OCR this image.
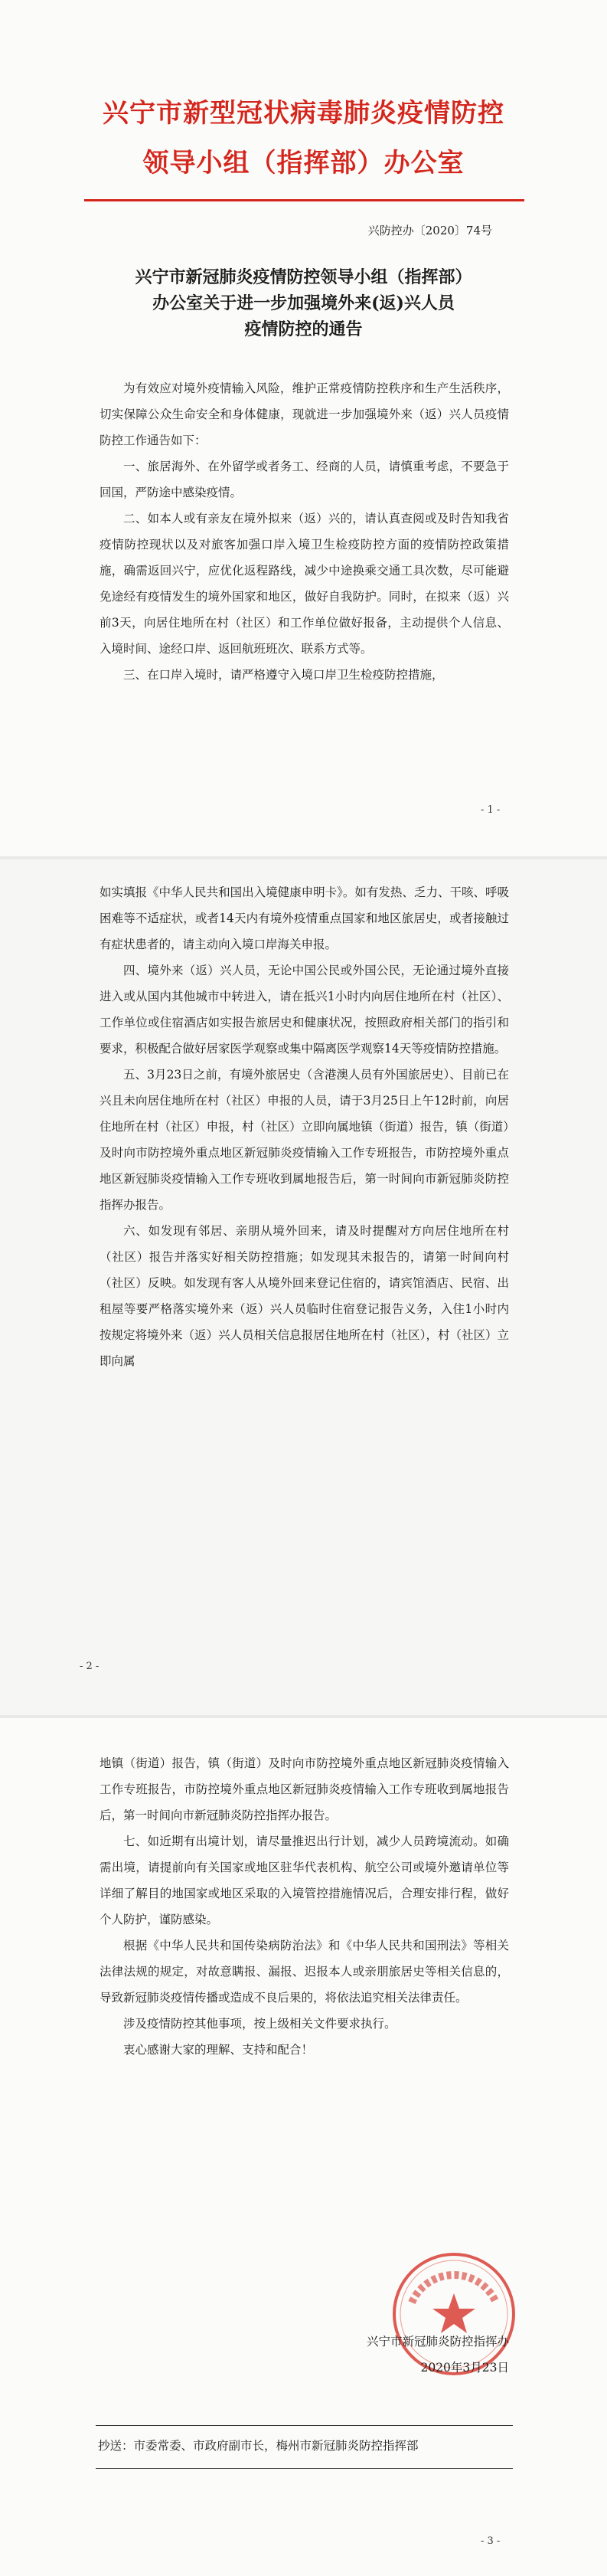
兴宁市新型冠状病毒肺炎疫情防控
领导小组（指挥部）办公室
兴防控办〔2020〕74号
兴宁市新冠肺炎疫情防控领导小组（指挥部）
办公室关于进一步加强境外来(返)兴人员
疫情防控的通告

为有效应对境外疫情输入风险，维护正常疫情防控秩序和生产生活秩序，切实保障公众生命安全和身体健康，现就进一步加强境外来（返）兴人员疫情防控工作通告如下：

一、旅居海外、在外留学或者务工、经商的人员，请慎重考虑，不要急于回国，严防途中感染疫情。

二、如本人或有亲友在境外拟来（返）兴的，请认真查阅或及时告知我省疫情防控现状以及对旅客加强口岸入境卫生检疫防控方面的疫情防控政策措施，确需返回兴宁，应优化返程路线，减少中途换乘交通工具次数，尽可能避免途经有疫情发生的境外国家和地区，做好自我防护。同时，在拟来（返）兴前3天，向居住地所在村（社区）和工作单位做好报备，主动提供个人信息、入境时间、途经口岸、返回航班班次、联系方式等。

三、在口岸入境时，请严格遵守入境口岸卫生检疫防控措施，

- 1 -

如实填报《中华人民共和国出入境健康申明卡》。如有发热、乏力、干咳、呼吸困难等不适症状，或者14天内有境外疫情重点国家和地区旅居史，或者接触过有症状患者的，请主动向入境口岸海关申报。

四、境外来（返）兴人员，无论中国公民或外国公民，无论通过境外直接进入或从国内其他城市中转进入，请在抵兴1小时内向居住地所在村（社区）、工作单位或住宿酒店如实报告旅居史和健康状况，按照政府相关部门的指引和要求，积极配合做好居家医学观察或集中隔离医学观察14天等疫情防控措施。

五、3月23日之前，有境外旅居史（含港澳人员有外国旅居史）、目前已在兴且未向居住地所在村（社区）申报的人员，请于3月25日上午12时前，向居住地所在村（社区）申报，村（社区）立即向属地镇（街道）报告，镇（街道）及时向市防控境外重点地区新冠肺炎疫情输入工作专班报告，市防控境外重点地区新冠肺炎疫情输入工作专班收到属地报告后，第一时间向市新冠肺炎防控指挥办报告。

六、如发现有邻居、亲朋从境外回来，请及时提醒对方向居住地所在村（社区）报告并落实好相关防控措施；如发现其未报告的，请第一时间向村（社区）反映。如发现有客人从境外回来登记住宿的，请宾馆酒店、民宿、出租屋等要严格落实境外来（返）兴人员临时住宿登记报告义务，入住1小时内按规定将境外来（返）兴人员相关信息报居住地所在村（社区），村（社区）立即向属

- 2 -

地镇（街道）报告，镇（街道）及时向市防控境外重点地区新冠肺炎疫情输入工作专班报告，市防控境外重点地区新冠肺炎疫情输入工作专班收到属地报告后，第一时间向市新冠肺炎防控指挥办报告。

七、如近期有出境计划，请尽量推迟出行计划，减少人员跨境流动。如确需出境，请提前向有关国家或地区驻华代表机构、航空公司或境外邀请单位等详细了解目的地国家或地区采取的入境管控措施情况后，合理安排行程，做好个人防护，谨防感染。

根据《中华人民共和国传染病防治法》和《中华人民共和国刑法》等相关法律法规的规定，对故意瞒报、漏报、迟报本人或亲朋旅居史等相关信息的，导致新冠肺炎疫情传播或造成不良后果的，将依法追究相关法律责任。

涉及疫情防控其他事项，按上级相关文件要求执行。

衷心感谢大家的理解、支持和配合！

兴宁市新冠肺炎防控指挥办
2020年3月23日
抄送：市委常委、市政府副市长，梅州市新冠肺炎防控指挥部
- 3 -
